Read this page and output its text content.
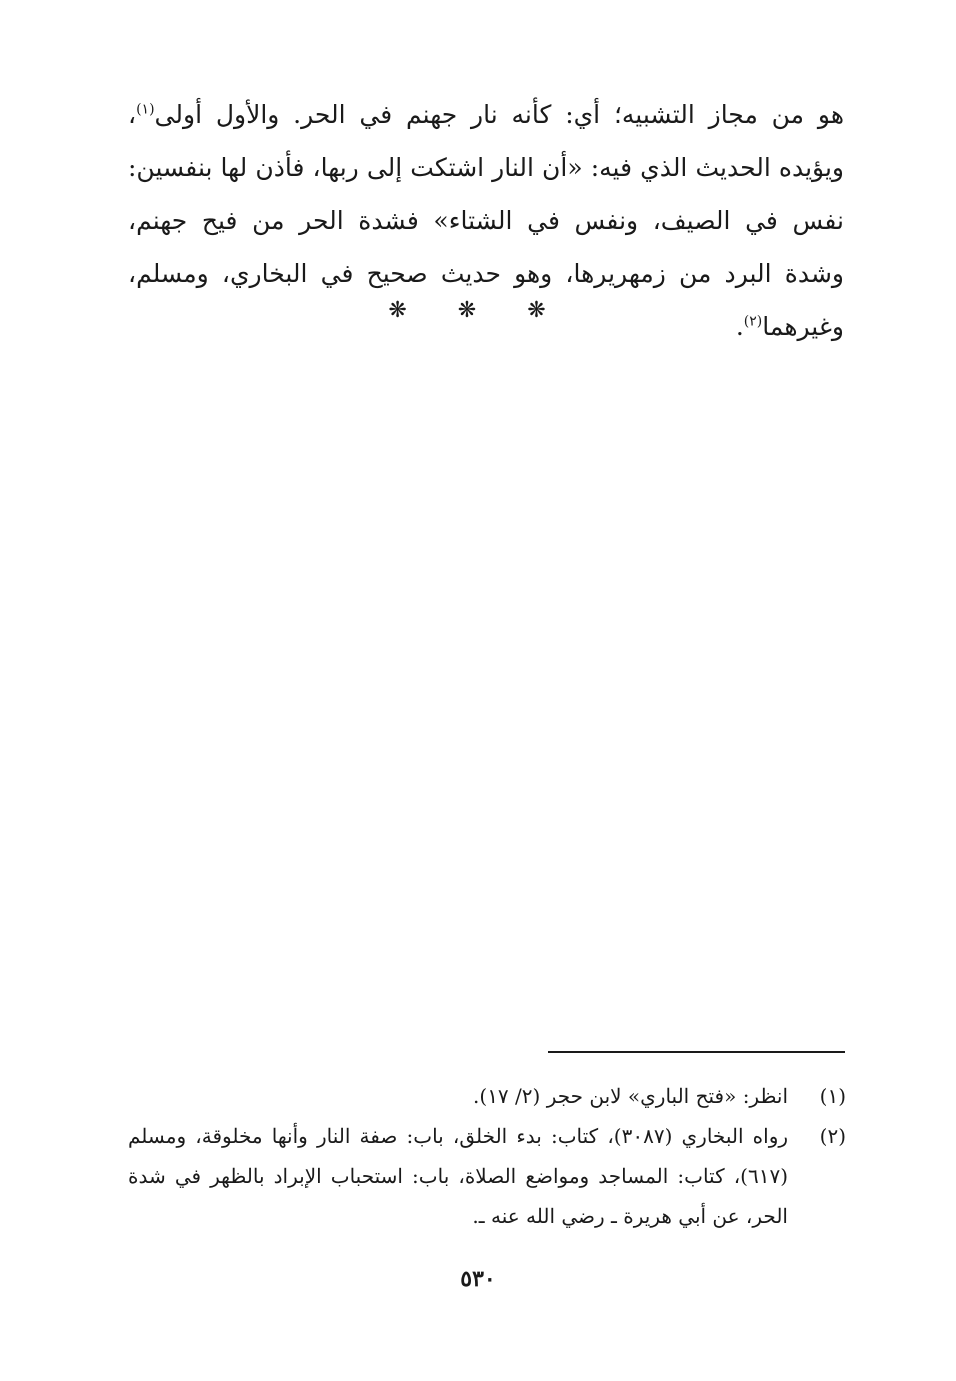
هو من مجاز التشبيه؛ أي: كأنه نار جهنم في الحر. والأول أولى$^{(١)}$، ويؤيده الحديث الذي فيه: «أن النار اشتكت إلى ربها، فأذن لها بنفسين: نفس في الصيف، ونفس في الشتاء» فشدة الحر من فيح جهنم، وشدة البرد من زمهريرها، وهو حديث صحيح في البخاري، ومسلم، وغيرهما$^{(٢)}$.

❋ ❋ ❋
(١)
انظر: «فتح الباري» لابن حجر (٢/ ١٧).
(٢)
رواه البخاري (٣٠٨٧)، كتاب: بدء الخلق، باب: صفة النار وأنها مخلوقة، ومسلم (٦١٧)، كتاب: المساجد ومواضع الصلاة، باب: استحباب الإبراد بالظهر في شدة الحر، عن أبي هريرة ـ رضي الله عنه ـ.
٥٣٠
